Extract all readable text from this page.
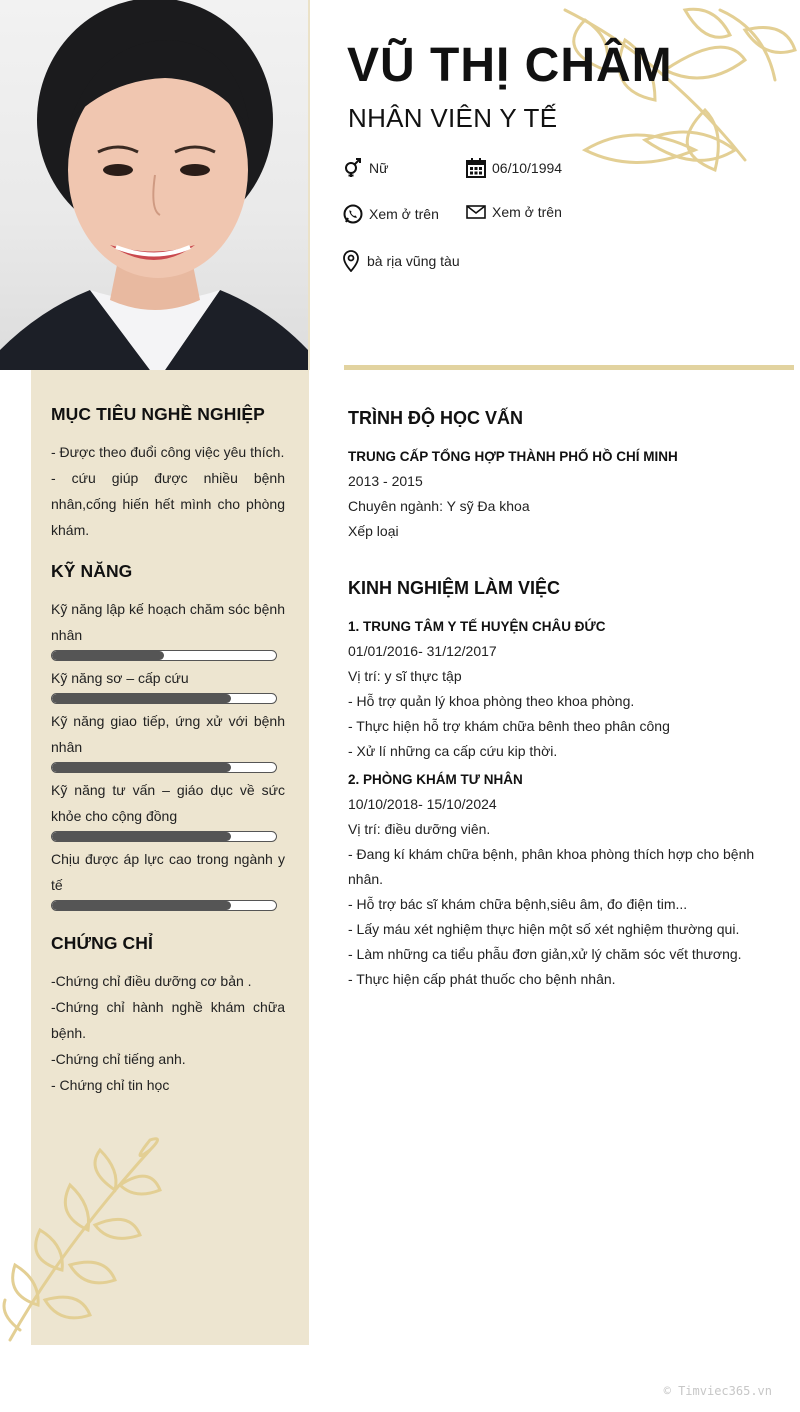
VŨ THỊ CHÂM
NHÂN VIÊN Y TẾ
Nữ	06/10/1994
Xem ở trên	Xem ở trên
bà rịa vũng tàu
MỤC TIÊU NGHỀ NGHIỆP
- Được theo đuổi công việc yêu thích.
- cứu giúp được nhiều bệnh nhân,cống hiến hết mình cho phòng khám.
KỸ NĂNG
Kỹ năng lập kế hoạch chăm sóc bệnh nhân
Kỹ năng sơ – cấp cứu
Kỹ năng giao tiếp, ứng xử với bệnh nhân
Kỹ năng tư vấn – giáo dục về sức khỏe cho cộng đồng
Chịu được áp lực cao trong ngành y tế
CHỨNG CHỈ
-Chứng chỉ điều dưỡng cơ bản .
-Chứng chỉ hành nghề khám chữa bệnh.
-Chứng chỉ tiếng anh.
- Chứng chỉ tin học
TRÌNH ĐỘ HỌC VẤN
TRUNG CẤP TỔNG HỢP THÀNH PHỐ HỒ CHÍ MINH
2013 - 2015
Chuyên ngành: Y sỹ Đa khoa
Xếp loại
KINH NGHIỆM LÀM VIỆC
1. TRUNG TÂM Y TẾ HUYỆN CHÂU ĐỨC
01/01/2016- 31/12/2017
Vị trí: y sĩ thực tập
- Hỗ trợ quản lý khoa phòng theo khoa phòng.
- Thực hiện hỗ trợ khám chữa bênh theo phân công
- Xử lí những ca cấp cứu kip thời.
2. PHÒNG KHÁM TƯ NHÂN
10/10/2018- 15/10/2024
Vị trí: điều dưỡng viên.
- Đang kí khám chữa bệnh, phân khoa phòng thích hợp cho bệnh nhân.
- Hỗ trợ bác sĩ khám chữa bệnh,siêu âm, đo điện tim...
- Lấy máu xét nghiệm thực hiện một số xét nghiệm thường qui.
- Làm những ca tiểu phẫu đơn giản,xử lý chăm sóc vết thương.
- Thực hiện cấp phát thuốc cho bệnh nhân.
© Timviec365.vn
